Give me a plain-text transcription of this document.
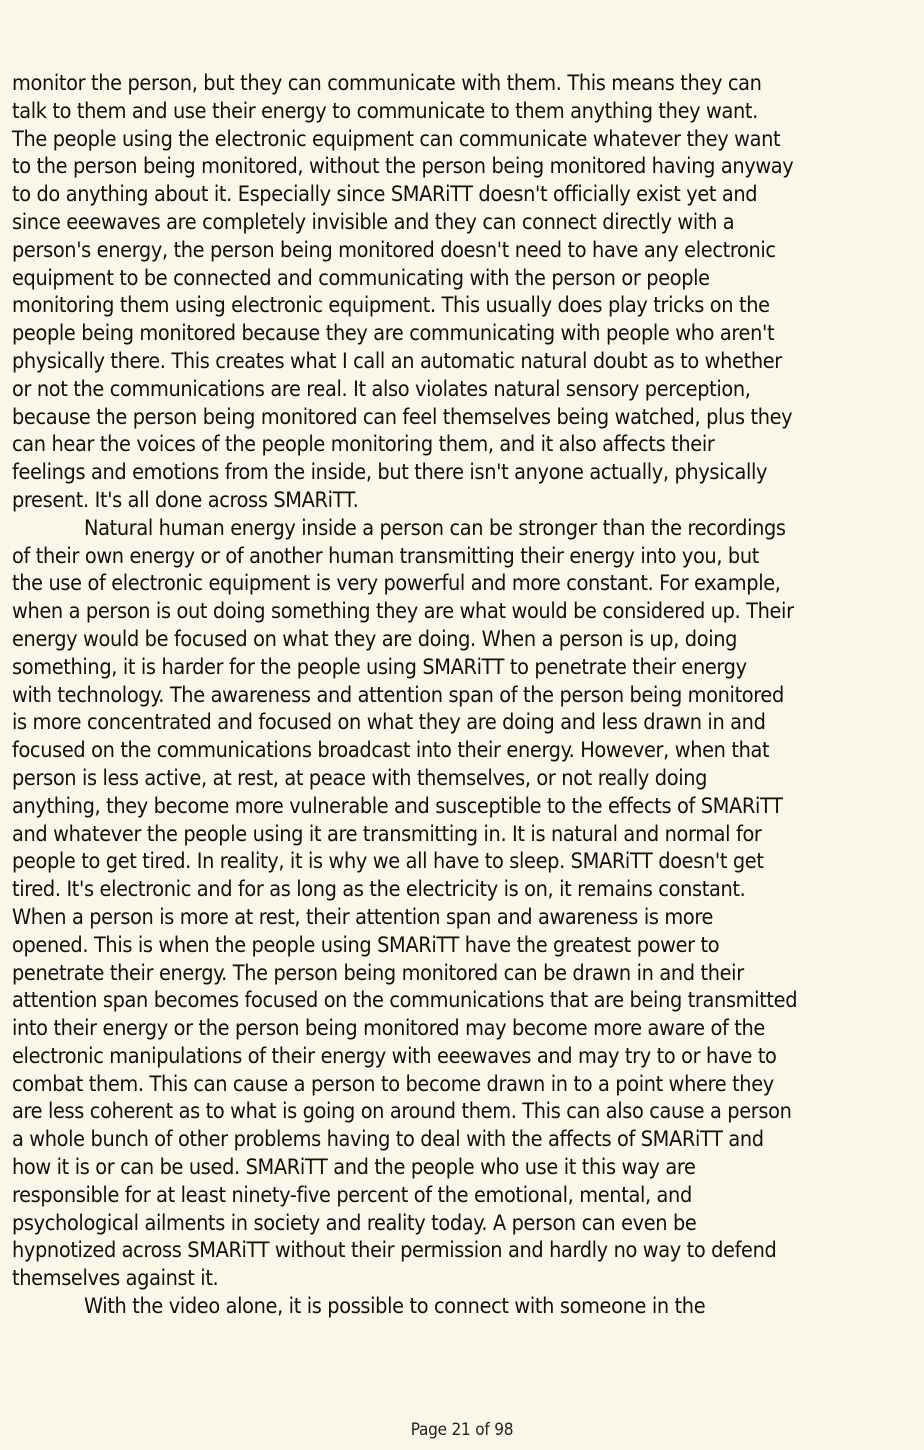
monitor the person, but they can communicate with them. This means they can
talk to them and use their energy to communicate to them anything they want.
The people using the electronic equipment can communicate whatever they want
to the person being monitored, without the person being monitored having anyway
to do anything about it. Especially since SMARiTT doesn't officially exist yet and
since eeewaves are completely invisible and they can connect directly with a
person's energy, the person being monitored doesn't need to have any electronic
equipment to be connected and communicating with the person or people
monitoring them using electronic equipment. This usually does play tricks on the
people being monitored because they are communicating with people who aren't
physically there. This creates what I call an automatic natural doubt as to whether
or not the communications are real. It also violates natural sensory perception,
because the person being monitored can feel themselves being watched, plus they
can hear the voices of the people monitoring them, and it also affects their
feelings and emotions from the inside, but there isn't anyone actually, physically
present. It's all done across SMARiTT.
Natural human energy inside a person can be stronger than the recordings
of their own energy or of another human transmitting their energy into you, but
the use of electronic equipment is very powerful and more constant. For example,
when a person is out doing something they are what would be considered up. Their
energy would be focused on what they are doing. When a person is up, doing
something, it is harder for the people using SMARiTT to penetrate their energy
with technology. The awareness and attention span of the person being monitored
is more concentrated and focused on what they are doing and less drawn in and
focused on the communications broadcast into their energy. However, when that
person is less active, at rest, at peace with themselves, or not really doing
anything, they become more vulnerable and susceptible to the effects of SMARiTT
and whatever the people using it are transmitting in. It is natural and normal for
people to get tired. In reality, it is why we all have to sleep. SMARiTT doesn't get
tired. It's electronic and for as long as the electricity is on, it remains constant.
When a person is more at rest, their attention span and awareness is more
opened. This is when the people using SMARiTT have the greatest power to
penetrate their energy. The person being monitored can be drawn in and their
attention span becomes focused on the communications that are being transmitted
into their energy or the person being monitored may become more aware of the
electronic manipulations of their energy with eeewaves and may try to or have to
combat them. This can cause a person to become drawn in to a point where they
are less coherent as to what is going on around them. This can also cause a person
a whole bunch of other problems having to deal with the affects of SMARiTT and
how it is or can be used. SMARiTT and the people who use it this way are
responsible for at least ninety-five percent of the emotional, mental, and
psychological ailments in society and reality today. A person can even be
hypnotized across SMARiTT without their permission and hardly no way to defend
themselves against it.
With the video alone, it is possible to connect with someone in the
Page 21 of 98
